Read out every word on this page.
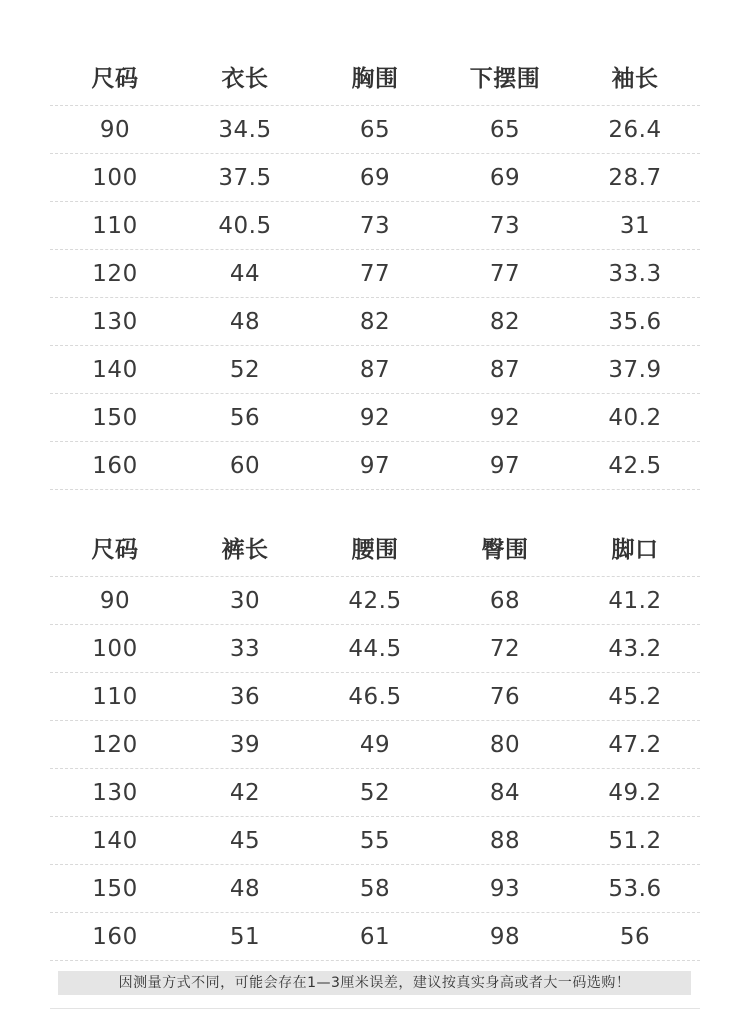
尺码	衣长	胸围	下摆围	袖长
90	34.5	65	65	26.4
100	37.5	69	69	28.7
110	40.5	73	73	31
120	44	77	77	33.3
130	48	82	82	35.6
140	52	87	87	37.9
150	56	92	92	40.2
160	60	97	97	42.5
尺码	裤长	腰围	臀围	脚口
90	30	42.5	68	41.2
100	33	44.5	72	43.2
110	36	46.5	76	45.2
120	39	49	80	47.2
130	42	52	84	49.2
140	45	55	88	51.2
150	48	58	93	53.6
160	51	61	98	56
因测量方式不同，可能会存在1—3厘米误差，建议按真实身高或者大一码选购！
